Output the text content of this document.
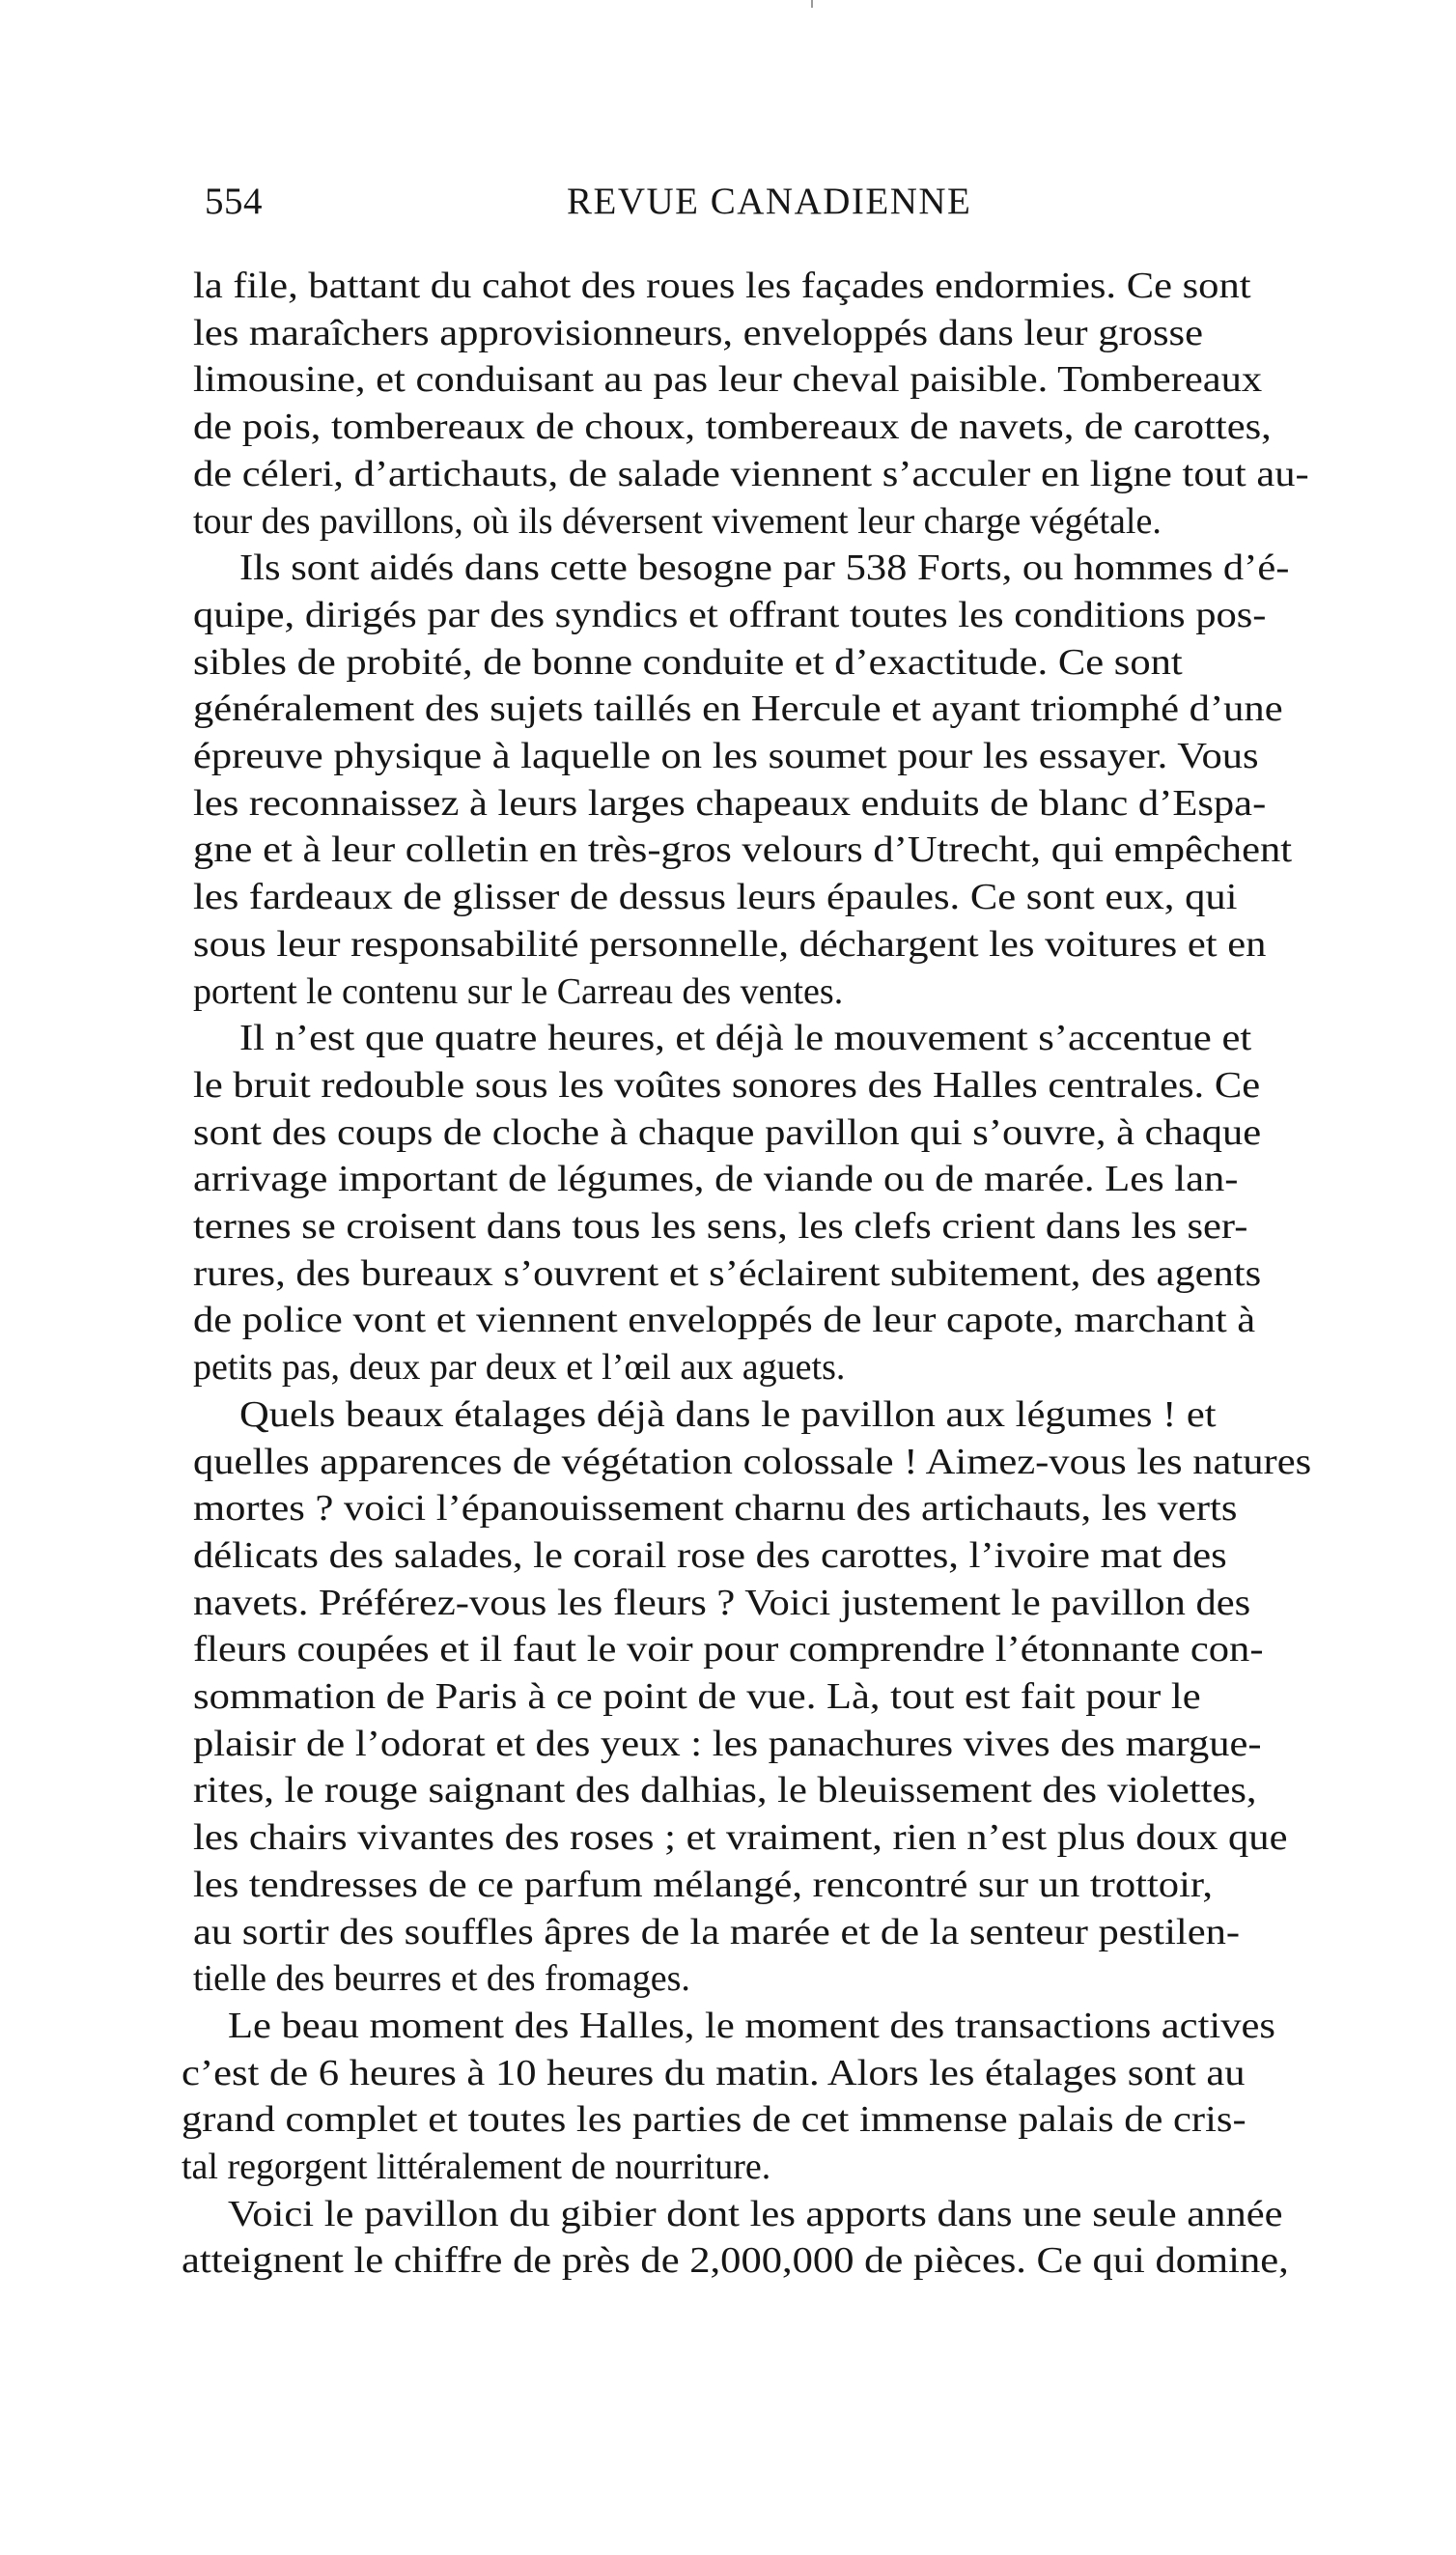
554	REVUE CANADIENNE
la file, battant du cahot des roues les façades endormies. Ce sont
les maraîchers approvisionneurs, enveloppés dans leur grosse
limousine, et conduisant au pas leur cheval paisible. Tombereaux
de pois, tombereaux de choux, tombereaux de navets, de carottes,
de céleri, d’artichauts, de salade viennent s’acculer en ligne tout au-
tour des pavillons, où ils déversent vivement leur charge végétale.
Ils sont aidés dans cette besogne par 538 Forts, ou hommes d’é-
quipe, dirigés par des syndics et offrant toutes les conditions pos-
sibles de probité, de bonne conduite et d’exactitude. Ce sont
généralement des sujets taillés en Hercule et ayant triomphé d’une
épreuve physique à laquelle on les soumet pour les essayer. Vous
les reconnaissez à leurs larges chapeaux enduits de blanc d’Espa-
gne et à leur colletin en très-gros velours d’Utrecht, qui empêchent
les fardeaux de glisser de dessus leurs épaules. Ce sont eux, qui
sous leur responsabilité personnelle, déchargent les voitures et en
portent le contenu sur le Carreau des ventes.
Il n’est que quatre heures, et déjà le mouvement s’accentue et
le bruit redouble sous les voûtes sonores des Halles centrales. Ce
sont des coups de cloche à chaque pavillon qui s’ouvre, à chaque
arrivage important de légumes, de viande ou de marée. Les lan-
ternes se croisent dans tous les sens, les clefs crient dans les ser-
rures, des bureaux s’ouvrent et s’éclairent subitement, des agents
de police vont et viennent enveloppés de leur capote, marchant à
petits pas, deux par deux et l’œil aux aguets.
Quels beaux étalages déjà dans le pavillon aux légumes ! et
quelles apparences de végétation colossale ! Aimez-vous les natures
mortes ? voici l’épanouissement charnu des artichauts, les verts
délicats des salades, le corail rose des carottes, l’ivoire mat des
navets. Préférez-vous les fleurs ? Voici justement le pavillon des
fleurs coupées et il faut le voir pour comprendre l’étonnante con-
sommation de Paris à ce point de vue. Là, tout est fait pour le
plaisir de l’odorat et des yeux : les panachures vives des margue-
rites, le rouge saignant des dalhias, le bleuissement des violettes,
les chairs vivantes des roses ; et vraiment, rien n’est plus doux que
les tendresses de ce parfum mélangé, rencontré sur un trottoir,
au sortir des souffles âpres de la marée et de la senteur pestilen-
tielle des beurres et des fromages.
Le beau moment des Halles, le moment des transactions actives
c’est de 6 heures à 10 heures du matin. Alors les étalages sont au
grand complet et toutes les parties de cet immense palais de cris-
tal regorgent littéralement de nourriture.
Voici le pavillon du gibier dont les apports dans une seule année
atteignent le chiffre de près de 2,000,000 de pièces. Ce qui domine,
